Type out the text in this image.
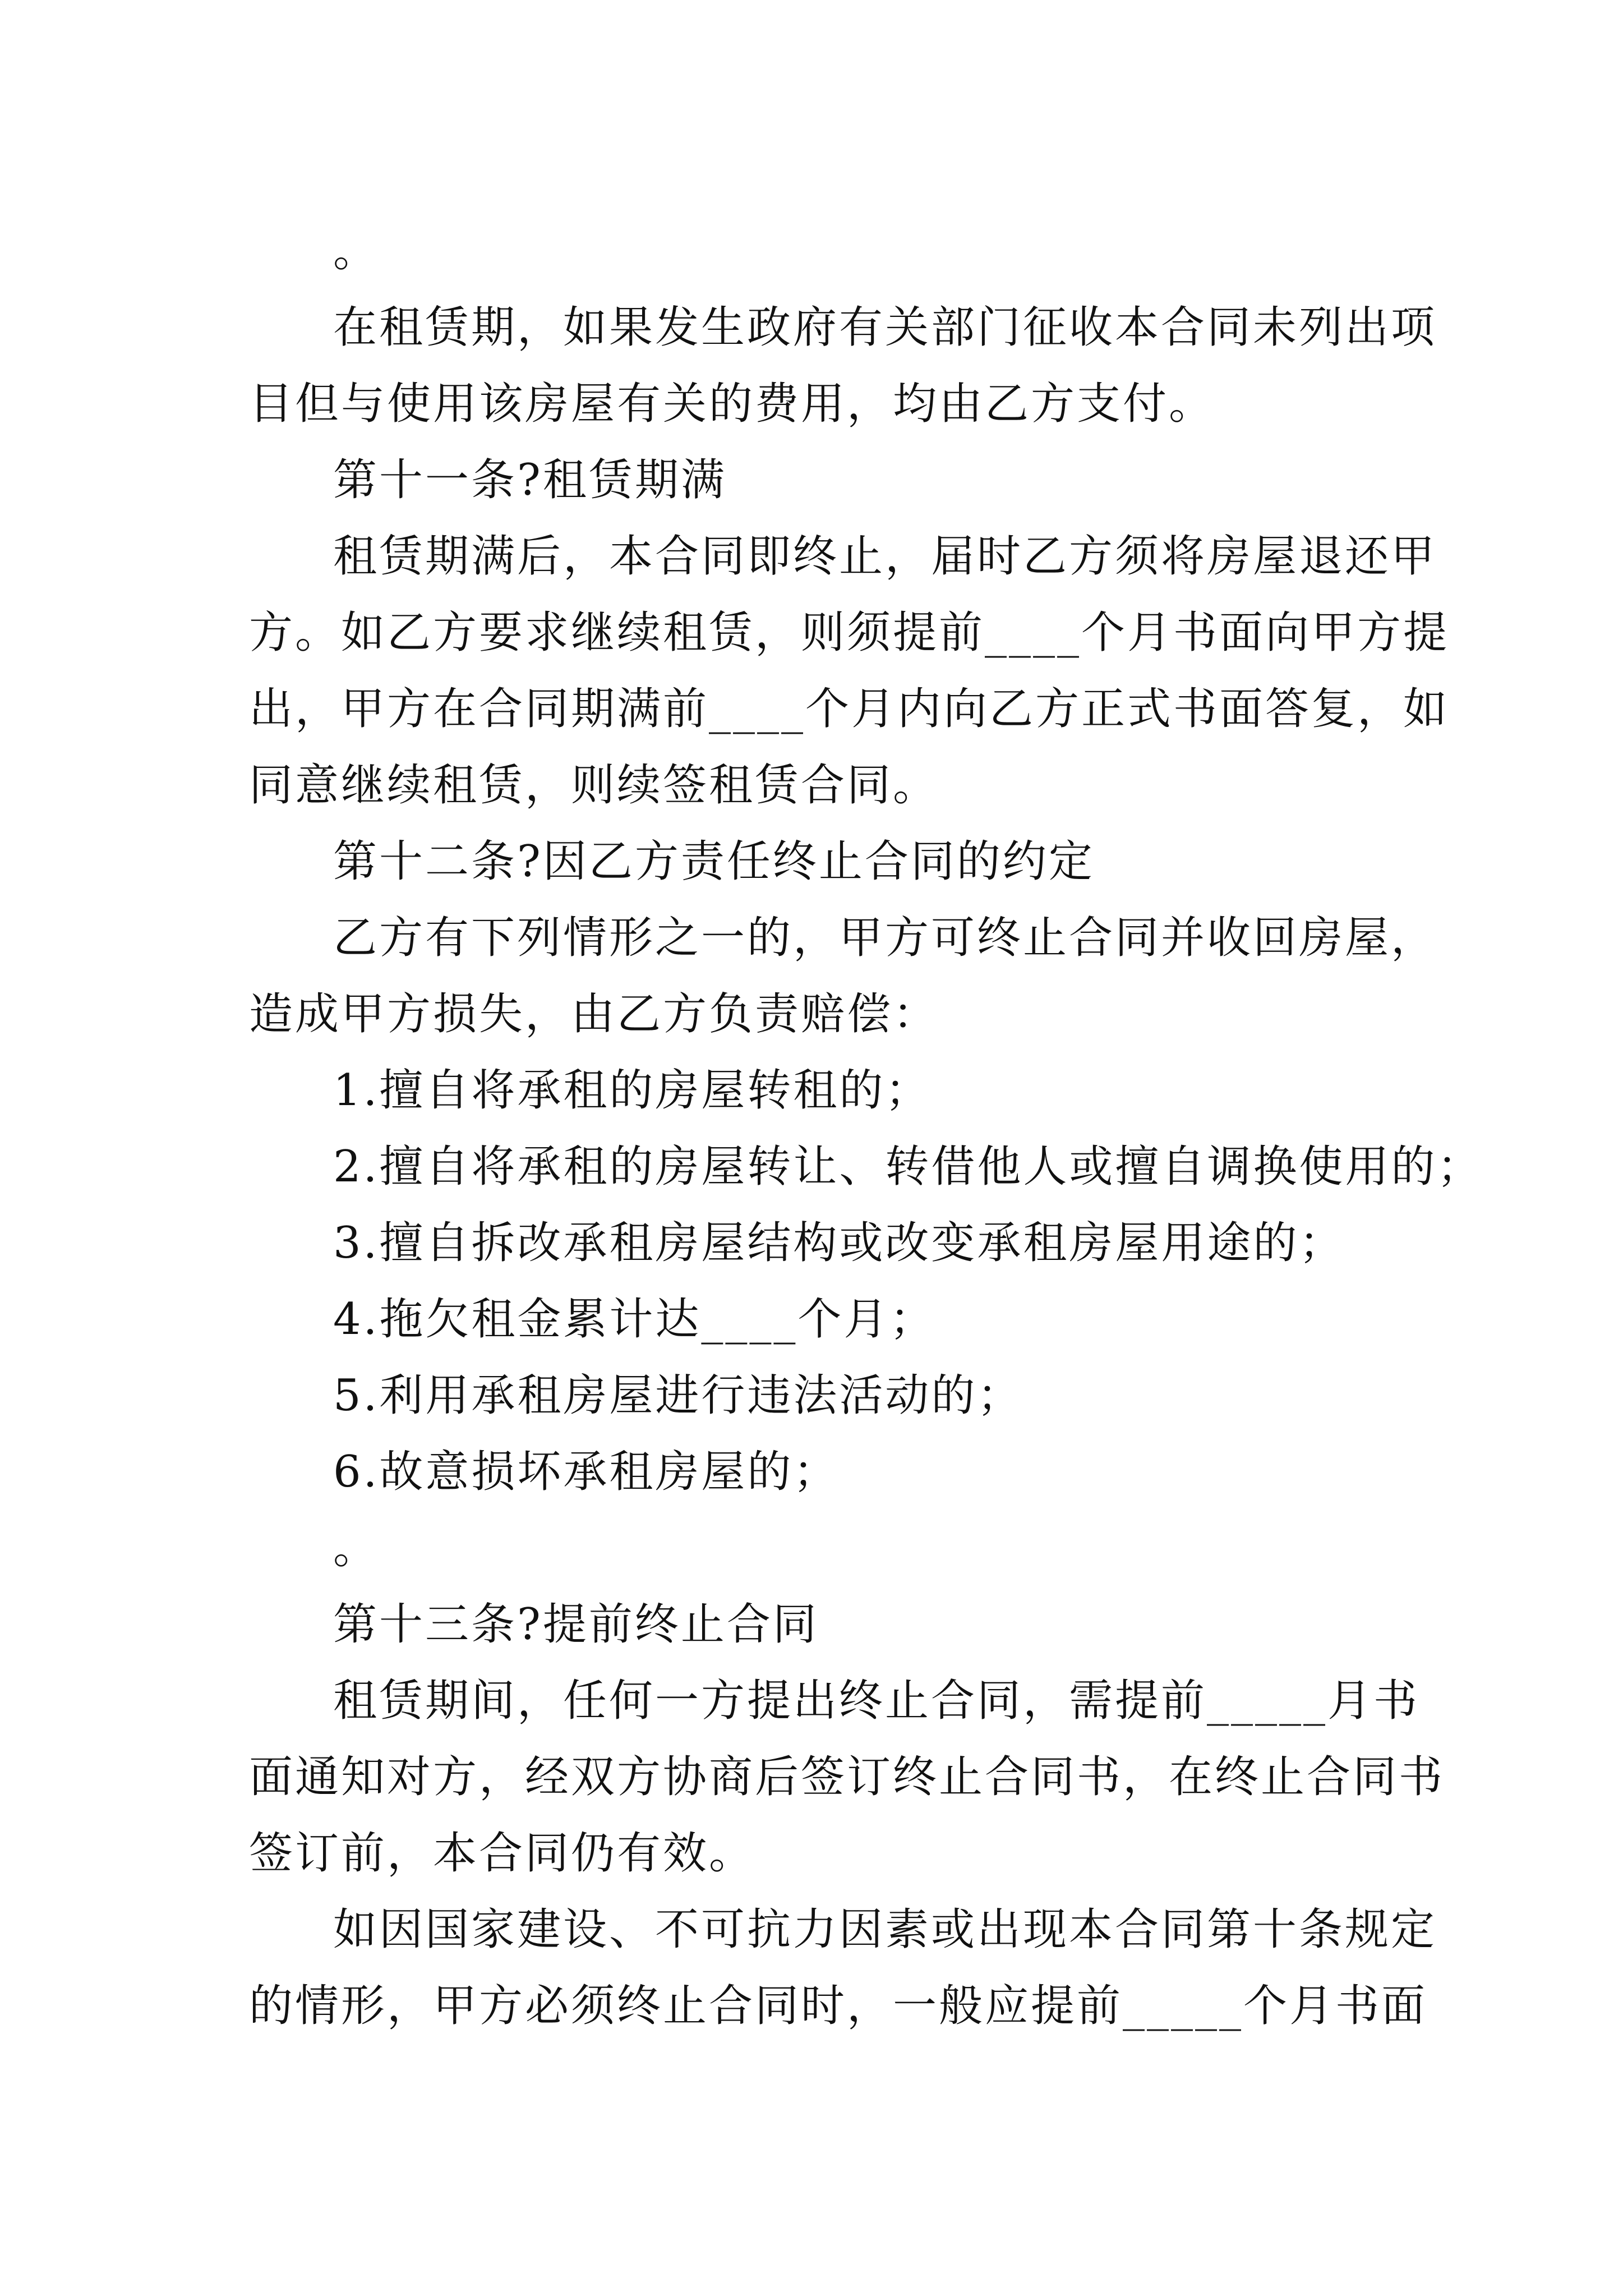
。
在租赁期，如果发生政府有关部门征收本合同未列出项
目但与使用该房屋有关的费用，均由乙方支付。
第十一条?租赁期满
租赁期满后，本合同即终止，届时乙方须将房屋退还甲
方。如乙方要求继续租赁，则须提前____个月书面向甲方提
出，甲方在合同期满前____个月内向乙方正式书面答复，如
同意继续租赁，则续签租赁合同。
第十二条?因乙方责任终止合同的约定
乙方有下列情形之一的，甲方可终止合同并收回房屋，
造成甲方损失，由乙方负责赔偿：
1.擅自将承租的房屋转租的；
2.擅自将承租的房屋转让、转借他人或擅自调换使用的；
3.擅自拆改承租房屋结构或改变承租房屋用途的；
4.拖欠租金累计达____个月；
5.利用承租房屋进行违法活动的；
6.故意损坏承租房屋的；
。
第十三条?提前终止合同
租赁期间，任何一方提出终止合同，需提前_____月书
面通知对方，经双方协商后签订终止合同书，在终止合同书
签订前，本合同仍有效。
如因国家建设、不可抗力因素或出现本合同第十条规定
的情形，甲方必须终止合同时，一般应提前_____个月书面
